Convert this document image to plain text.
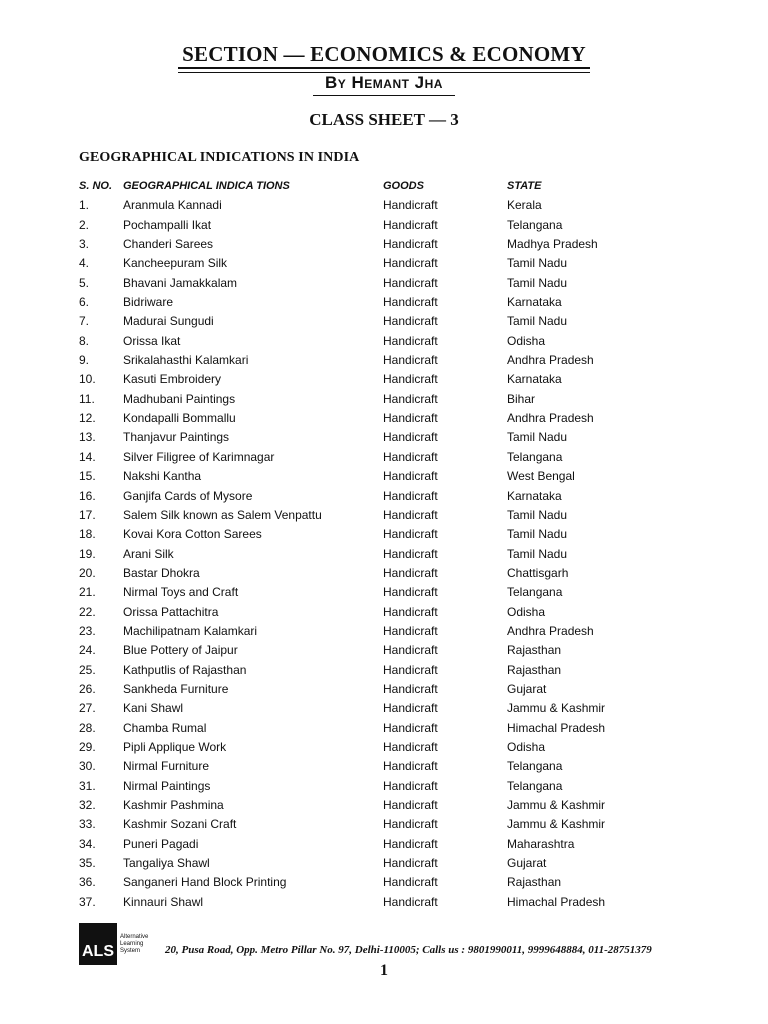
SECTION — ECONOMICS & ECONOMY
By Hemant Jha
CLASS SHEET — 3
GEOGRAPHICAL INDICATIONS IN INDIA
S. NO. GEOGRAPHICAL INDICA TIONS	GOODS	STATE
1.	Aranmula Kannadi	Handicraft	Kerala
2.	Pochampalli Ikat	Handicraft	Telangana
3.	Chanderi Sarees	Handicraft	Madhya Pradesh
4.	Kancheepuram Silk	Handicraft	Tamil Nadu
5.	Bhavani Jamakkalam	Handicraft	Tamil Nadu
6.	Bidriware	Handicraft	Karnataka
7.	Madurai Sungudi	Handicraft	Tamil Nadu
8.	Orissa Ikat	Handicraft	Odisha
9.	Srikalahasthi Kalamkari	Handicraft	Andhra Pradesh
10. Kasuti Embroidery	Handicraft	Karnataka
11. Madhubani Paintings	Handicraft	Bihar
12. Kondapalli Bommallu	Handicraft	Andhra Pradesh
13. Thanjavur Paintings	Handicraft	Tamil Nadu
14. Silver Filigree of Karimnagar	Handicraft	Telangana
15. Nakshi Kantha	Handicraft	West Bengal
16. Ganjifa Cards of Mysore	Handicraft	Karnataka
17. Salem Silk known as Salem Venpattu	Handicraft	Tamil Nadu
18. Kovai Kora Cotton Sarees	Handicraft	Tamil Nadu
19. Arani Silk	Handicraft	Tamil Nadu
20. Bastar Dhokra	Handicraft	Chattisgarh
21. Nirmal Toys and Craft	Handicraft	Telangana
22. Orissa Pattachitra	Handicraft	Odisha
23. Machilipatnam Kalamkari	Handicraft	Andhra Pradesh
24. Blue Pottery of Jaipur	Handicraft	Rajasthan
25. Kathputlis of Rajasthan	Handicraft	Rajasthan
26. Sankheda Furniture	Handicraft	Gujarat
27. Kani Shawl	Handicraft	Jammu & Kashmir
28. Chamba Rumal	Handicraft	Himachal Pradesh
29. Pipli Applique Work	Handicraft	Odisha
30. Nirmal Furniture	Handicraft	Telangana
31. Nirmal Paintings	Handicraft	Telangana
32. Kashmir Pashmina	Handicraft	Jammu & Kashmir
33. Kashmir Sozani Craft	Handicraft	Jammu & Kashmir
34. Puneri Pagadi	Handicraft	Maharashtra
35. Tangaliya Shawl	Handicraft	Gujarat
36. Sanganeri Hand Block Printing	Handicraft	Rajasthan
37. Kinnauri Shawl	Handicraft	Himachal Pradesh
ALS
Alternative
Learning
System	20, Pusa Road, Opp. Metro Pillar No. 97, Delhi-110005; Calls us : 9801990011, 9999648884, 011-28751379
1
